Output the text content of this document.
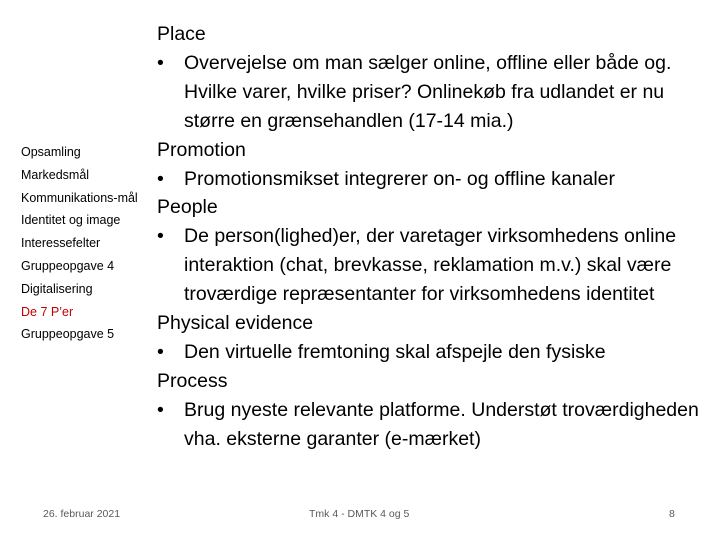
Opsamling
Markedsmål
Kommunikations-mål
Identitet og image
Interessefelter
Gruppeopgave 4
Digitalisering
De 7 P’er
Gruppeopgave 5
Place
•	Overvejelse om man sælger online, offline eller både og. Hvilke varer, hvilke priser? Onlinekøb fra udlandet er nu større en grænsehandlen (17-14 mia.)
Promotion
•	Promotionsmikset integrerer on- og offline kanaler
People
•	De person(lighed)er, der varetager virksomhedens online interaktion (chat, brevkasse, reklamation m.v.) skal være troværdige repræsentanter for virksomhedens identitet
Physical evidence
•	Den virtuelle fremtoning skal afspejle den fysiske
Process
•	Brug nyeste relevante platforme. Understøt troværdigheden vha. eksterne garanter (e-mærket)
26. februar 2021	Tmk 4 - DMTK 4 og 5	8
